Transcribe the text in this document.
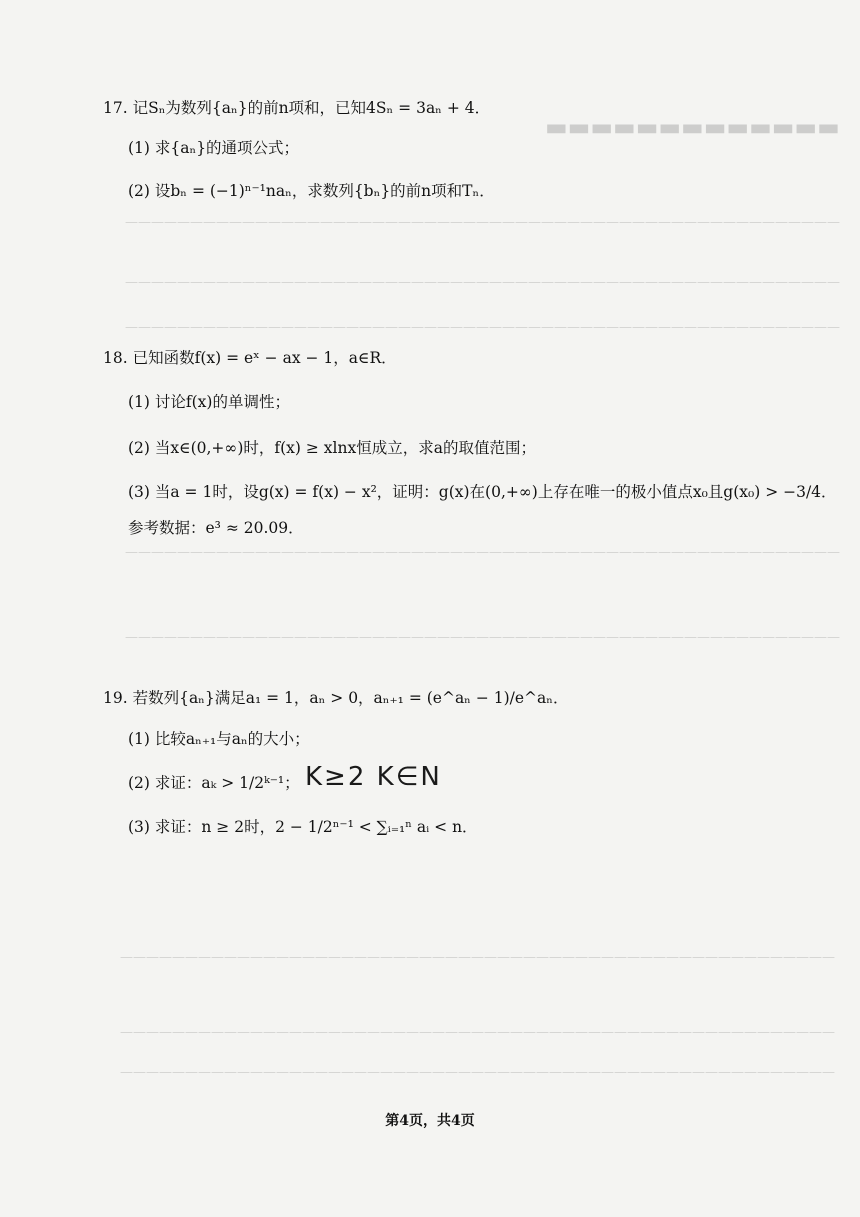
▬▬▬▬▬▬▬▬▬▬▬▬▬
———————————————————————————————————————————————————————
———————————————————————————————————————————————————————
———————————————————————————————————————————————————————
———————————————————————————————————————————————————————
———————————————————————————————————————————————————————
———————————————————————————————————————————————————————
———————————————————————————————————————————————————————
———————————————————————————————————————————————————————
17. 记Sₙ为数列{aₙ}的前n项和，已知4Sₙ = 3aₙ + 4．
(1) 求{aₙ}的通项公式；
(2) 设bₙ = (−1)ⁿ⁻¹naₙ，求数列{bₙ}的前n项和Tₙ．
18. 已知函数f(x) = eˣ − ax − 1，a∈R．
(1) 讨论f(x)的单调性；
(2) 当x∈(0,+∞)时，f(x) ≥ xlnx恒成立，求a的取值范围；
(3) 当a = 1时，设g(x) = f(x) − x²，证明：g(x)在(0,+∞)上存在唯一的极小值点x₀且g(x₀) > −3/4．
参考数据：e³ ≈ 20.09．
19. 若数列{aₙ}满足a₁ = 1，aₙ > 0，aₙ₊₁ = (e^aₙ − 1)/e^aₙ．
(1) 比较aₙ₊₁与aₙ的大小；
(2) 求证：aₖ > 1/2ᵏ⁻¹； K≥2 K∈N
(3) 求证：n ≥ 2时，2 − 1/2ⁿ⁻¹ < ∑ᵢ₌₁ⁿ aᵢ < n．
第4页，共4页
